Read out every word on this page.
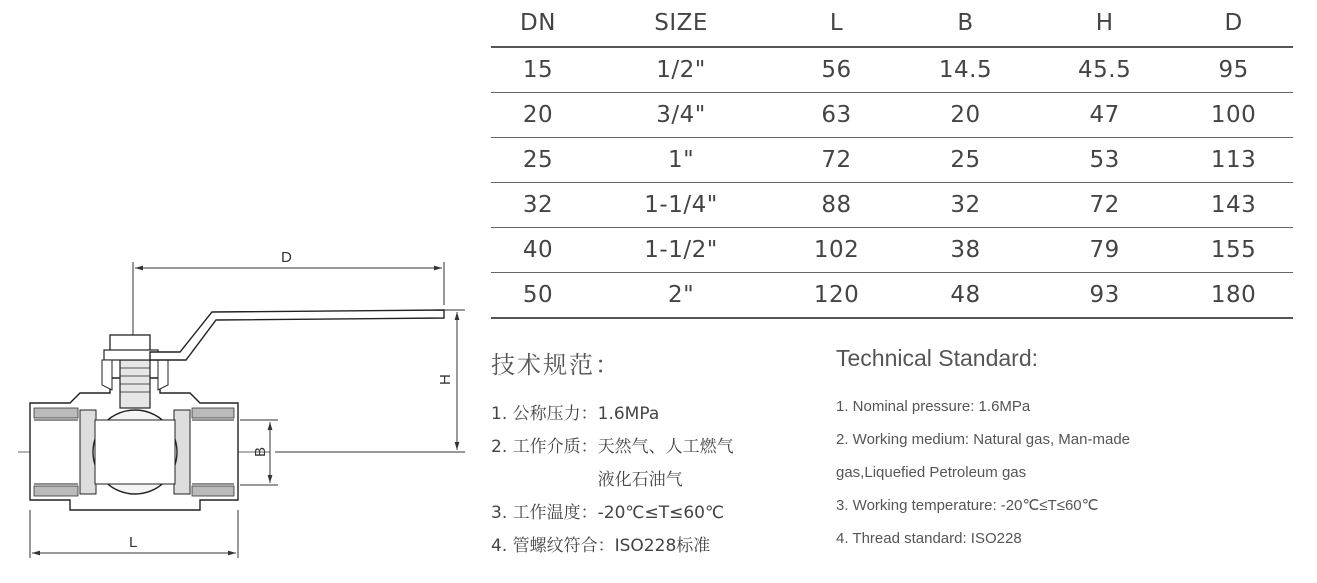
D
H
B
L
DN	SIZE	L	B	H	D
15	1/2"	56	14.5	45.5	95
20	3/4"	63	20	47	100
25	1"	72	25	53	113
32	1-1/4"	88	32	72	143
40	1-1/2"	102	38	79	155
50	2"	120	48	93	180
技术规范：
1. 公称压力： 1.6MPa
2. 工作介质： 天然气、人工燃气
液化石油气
3. 工作温度： -20℃≤T≤60℃
4. 管螺纹符合： ISO228标准
Technical Standard:
1. Nominal pressure: 1.6MPa
2. Working medium: Natural gas, Man-made
gas,Liquefied Petroleum gas
3. Working temperature: -20℃≤T≤60℃
4. Thread standard: ISO228
